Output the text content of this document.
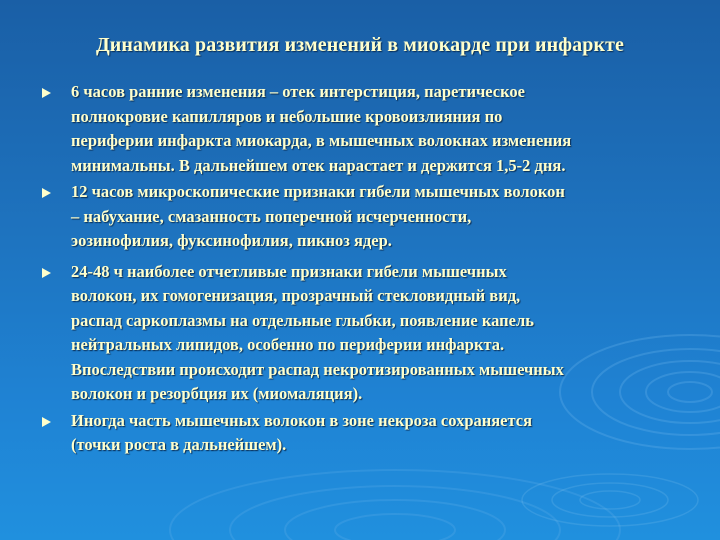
Динамика развития изменений в миокарде при инфаркте
6 часов ранние изменения – отек интерстиция, паретическое
полнокровие капилляров и небольшие кровоизлияния по
периферии инфаркта миокарда, в мышечных волокнах изменения
минимальны. В дальнейшем отек нарастает и держится 1,5-2 дня.
12 часов микроскопические признаки гибели мышечных волокон
– набухание, смазанность поперечной исчерченности,
эозинофилия, фуксинофилия, пикноз ядер.
24-48 ч наиболее отчетливые признаки гибели мышечных
волокон, их гомогенизация, прозрачный стекловидный вид,
распад саркоплазмы на отдельные глыбки, появление капель
нейтральных липидов, особенно по периферии инфаркта.
Впоследствии происходит распад некротизированных мышечных
волокон и резорбция их (миомаляция).
Иногда часть мышечных волокон в зоне некроза сохраняется
(точки роста в дальнейшем).
